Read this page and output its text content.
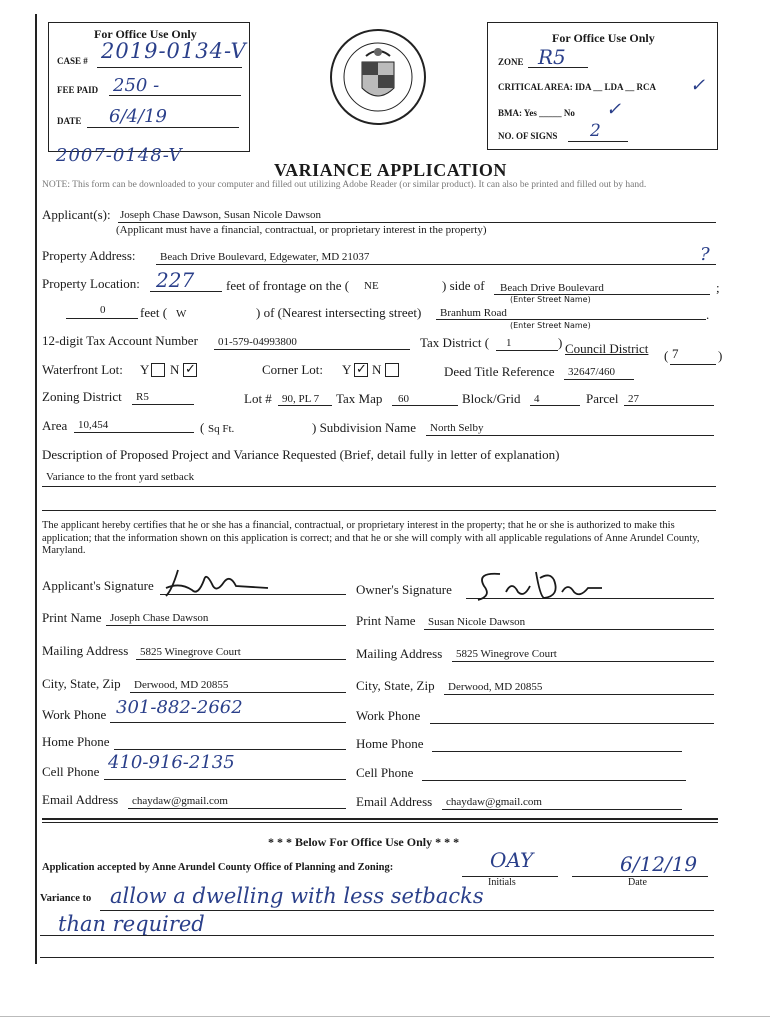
For Office Use Only
CASE # 2019-0134-V
FEE PAID 250 -
DATE 6/4/19
For Office Use Only
ZONE R5
CRITICAL AREA: IDA __ LDA __ RCA ✓
BMA: Yes _____ No ✓
NO. OF SIGNS 2
2007-0148-V
VARIANCE APPLICATION
NOTE: This form can be downloaded to your computer and filled out utilizing Adobe Reader (or similar product). It can also be printed and filled out by hand.
Applicant(s): Joseph Chase Dawson, Susan Nicole Dawson
(Applicant must have a financial, contractual, or proprietary interest in the property)
Property Address: Beach Drive Boulevard, Edgewater, MD 21037	?
Property Location: 227 feet of frontage on the ( NE	) side of Beach Drive Boulevard
(Enter Street Name)
;
0	feet ( W	) of (Nearest intersecting street) Branhum Road
(Enter Street Name)
.
12-digit Tax Account Number 01-579-04993800	Tax District ( 1	) Council District ( 7	)
Waterfront Lot: Y N ✓	Corner Lot: Y ✓ N	Deed Title Reference 32647/460
Zoning District R5	Lot # 90, PL 7 Tax Map 60	Block/Grid 4	Parcel 27
Area 10,454	( Sq Ft.	) Subdivision Name North Selby
Description of Proposed Project and Variance Requested (Brief, detail fully in letter of explanation)
Variance to the front yard setback
The applicant hereby certifies that he or she has a financial, contractual, or proprietary interest in the property; that he or she is authorized to make this application; that the information shown on this application is correct; and that he or she will comply with all applicable regulations of Anne Arundel County, Maryland.
Applicant's Signature
Print Name Joseph Chase Dawson
Mailing Address 5825 Winegrove Court
City, State, Zip Derwood, MD 20855
Work Phone 301-882-2662
Home Phone
Cell Phone 410-916-2135
Email Address chaydaw@gmail.com
Owner's Signature
Print Name Susan Nicole Dawson
Mailing Address 5825 Winegrove Court
City, State, Zip Derwood, MD 20855
Work Phone
Home Phone
Cell Phone
Email Address chaydaw@gmail.com
* * * Below For Office Use Only * * *
Application accepted by Anne Arundel County Office of Planning and Zoning:	OAY
Initials
6/12/19
Date
Variance to allow a dwelling with less setbacks
than required
